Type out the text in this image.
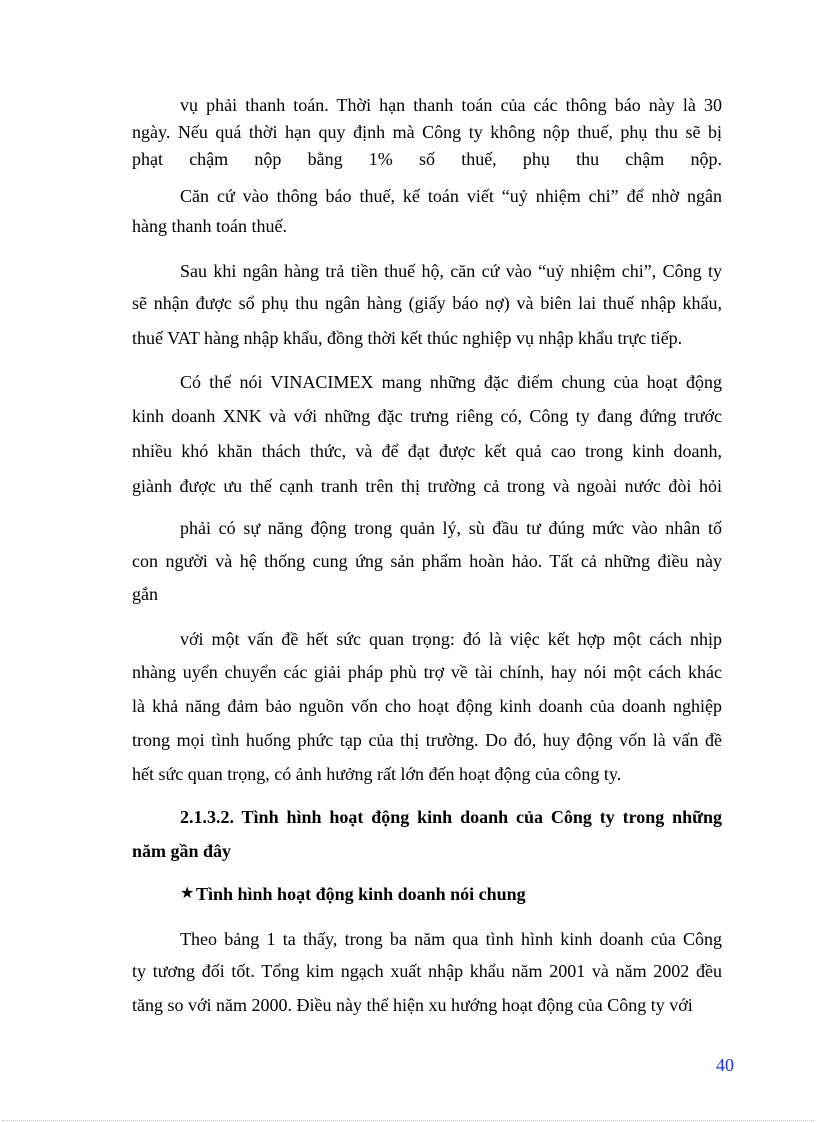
vụ phải thanh toán. Thời hạn thanh toán của các thông báo này là 30
ngày. Nếu quá thời hạn quy định mà Công ty không nộp thuế, phụ thu sẽ bị
phạt chậm nộp bằng 1% số thuế, phụ thu chậm nộp.
Căn cứ vào thông báo thuế, kế toán viết “uỷ nhiệm chi” để nhờ ngân
hàng thanh toán thuế.
Sau khi ngân hàng trả tiền thuế hộ, căn cứ vào “uỷ nhiệm chi”, Công ty
sẽ nhận được sổ phụ thu ngân hàng (giấy báo nợ) và biên lai thuế nhập khẩu,
thuế VAT hàng nhập khẩu, đồng thời kết thúc nghiệp vụ nhập khẩu trực tiếp.
Có thể nói VINACIMEX mang những đặc điểm chung của hoạt động
kinh doanh XNK và với những đặc trưng riêng có, Công ty đang đứng trước
nhiều khó khăn thách thức, và để đạt được kết quả cao trong kinh doanh,
giành được ưu thế cạnh tranh trên thị trường cả trong và ngoài nước đòi hỏi
phải có sự năng động trong quản lý, sù đầu tư đúng mức vào nhân tố
con người và hệ thống cung ứng sản phẩm hoàn hảo. Tất cả những điều này
gắn
với một vấn đề hết sức quan trọng: đó là việc kết hợp một cách nhịp
nhàng uyển chuyển các giải pháp phù trợ về tài chính, hay nói một cách khác
là khả năng đảm bảo nguồn vốn cho hoạt động kinh doanh của doanh nghiệp
trong mọi tình huống phức tạp của thị trường. Do đó, huy động vốn là vấn đề
hết sức quan trọng, có ảnh hưởng rất lớn đến hoạt động của công ty.
2.1.3.2. Tình hình hoạt động kinh doanh của Công ty trong những
năm gần đây
★ Tình hình hoạt động kinh doanh nói chung
Theo bảng 1 ta thấy, trong ba năm qua tình hình kinh doanh của Công
ty tương đối tốt. Tổng kim ngạch xuất nhập khẩu năm 2001 và năm 2002 đều
tăng so với năm 2000. Điều này thể hiện xu hướng hoạt động của Công ty với
40
